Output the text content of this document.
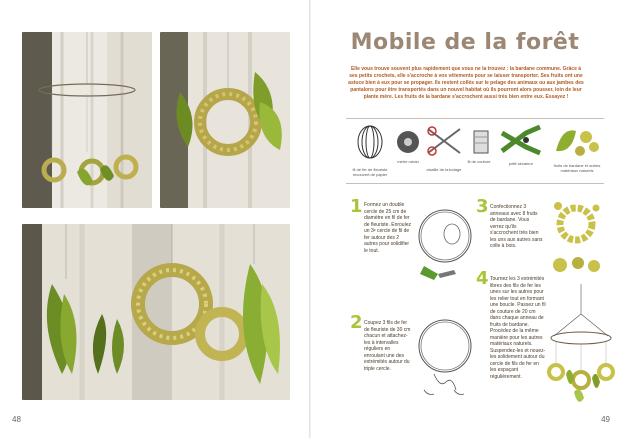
48
Mobile de la forêt
Elle vous trouve souvent plus rapidement que vous ne la trouvez : la bardane commune. Grâce à ses petits crochets, elle s'accroche à vos vêtements pour se laisser transporter. Ses fruits ont une astuce bien à eux pour se propager. Ils restent collés sur le pelage des animaux ou aux jambes des pantalons pour être transportés dans un nouvel habitat où ils pourront alors pousser, loin de leur plante mère. Les fruits de la bardane s'accrochent aussi très bien entre eux. Essayez !
fil de fer de fleuriste recouvert de papier
mètre ruban
cisaille de bricolage
fil de couture	petit sécateur	fruits de bardane et autres matériaux naturels
1 Formez un double cercle de 25 cm de diamètre en fil de fer de fleuriste. Enroulez un 3ᵉ cercle de fil de fer autour des 2 autres pour solidifier le tout.
2 Coupez 3 fils de fer de fleuriste de 30 cm chacun et attachez-les à intervalles réguliers en enroulant une des extrémités autour du triple cercle.
3 Confectionnez 3 anneaux avec 8 fruits de bardane. Vous verrez qu'ils s'accrochent très bien les uns aux autres sans colle à bois.
4 Tournez les 3 extrémités libres des fils de fer les unes sur les autres pour les relier tout en formant une boucle. Passez un fil de couture de 20 cm dans chaque anneau de fruits de bardane. Procédez de la même manière pour les autres matériaux naturels. Suspendez-les et nouez-les solidement autour du cercle de fils de fer en les espaçant régulièrement.
49
